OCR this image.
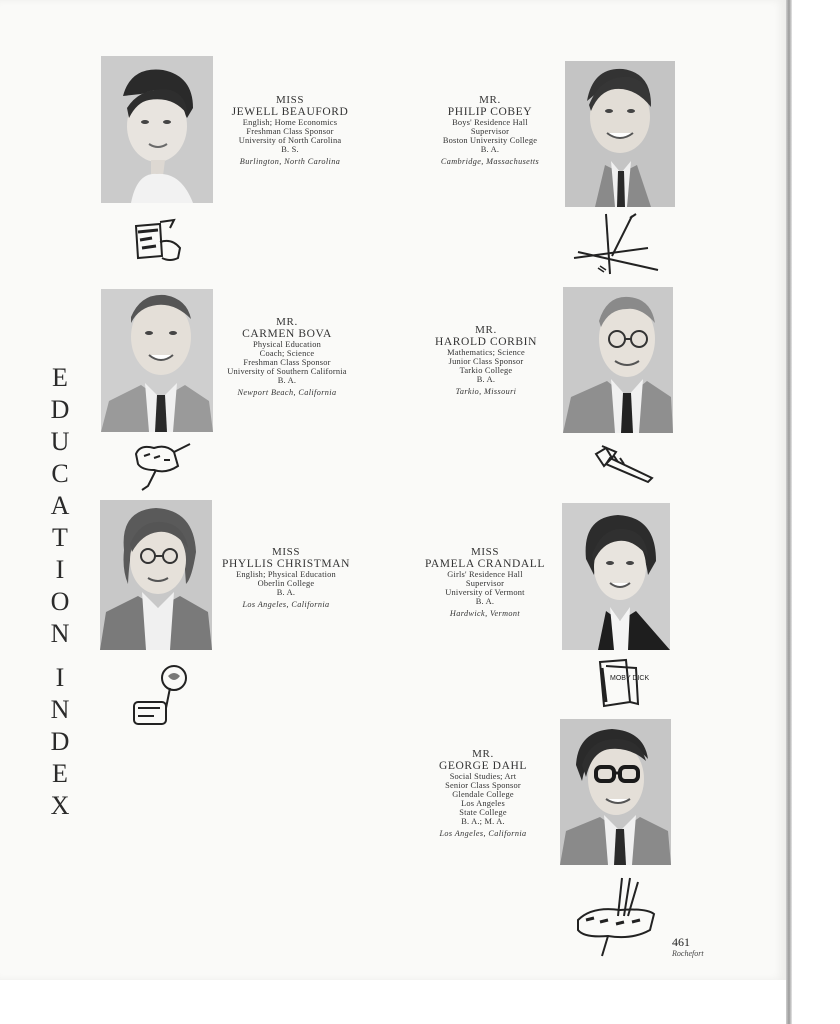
E
D
U
C
A
T
I
O
N
I
N
D
E
X
MISS
JEWELL BEAUFORD
English; Home Economics
Freshman Class Sponsor
University of North Carolina
B. S.
Burlington, North Carolina
MR.
PHILIP COBEY
Boys' Residence Hall
Supervisor
Boston University College
B. A.
Cambridge, Massachusetts
MR.
CARMEN BOVA
Physical Education
Coach; Science
Freshman Class Sponsor
University of Southern California
B. A.
Newport Beach, California
MR.
HAROLD CORBIN
Mathematics; Science
Junior Class Sponsor
Tarkio College
B. A.
Tarkio, Missouri
MISS
PHYLLIS CHRISTMAN
English; Physical Education
Oberlin College
B. A.
Los Angeles, California
MISS
PAMELA CRANDALL
Girls' Residence Hall
Supervisor
University of Vermont
B. A.
Hardwick, Vermont
MR.
GEORGE DAHL
Social Studies; Art
Senior Class Sponsor
Glendale College
Los Angeles
State College
B. A.; M. A.
Los Angeles, California
MOBY DICK
461
Rochefort
